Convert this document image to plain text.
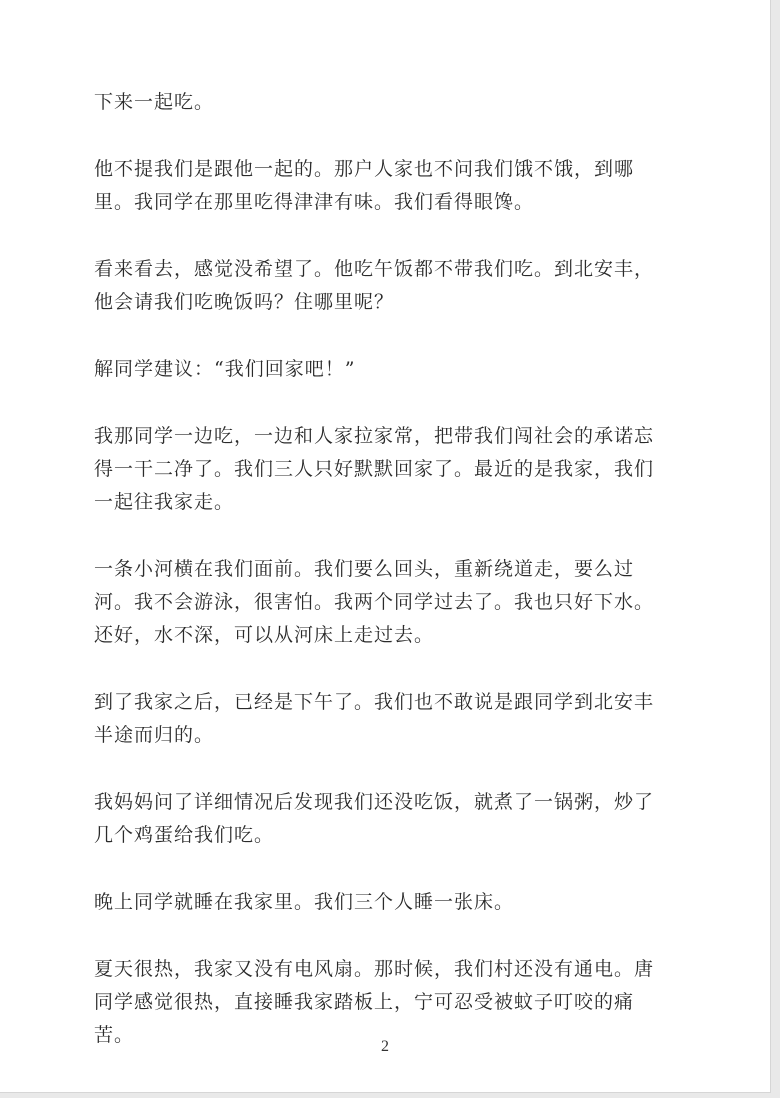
下来一起吃。

他不提我们是跟他一起的。那户人家也不问我们饿不饿，到哪
里。我同学在那里吃得津津有味。我们看得眼馋。

看来看去，感觉没希望了。他吃午饭都不带我们吃。到北安丰，
他会请我们吃晚饭吗？住哪里呢？

解同学建议：“我们回家吧！”

我那同学一边吃，一边和人家拉家常，把带我们闯社会的承诺忘
得一干二净了。我们三人只好默默回家了。最近的是我家，我们
一起往我家走。

一条小河横在我们面前。我们要么回头，重新绕道走，要么过
河。我不会游泳，很害怕。我两个同学过去了。我也只好下水。
还好，水不深，可以从河床上走过去。

到了我家之后，已经是下午了。我们也不敢说是跟同学到北安丰
半途而归的。

我妈妈问了详细情况后发现我们还没吃饭，就煮了一锅粥，炒了
几个鸡蛋给我们吃。

晚上同学就睡在我家里。我们三个人睡一张床。

夏天很热，我家又没有电风扇。那时候，我们村还没有通电。唐
同学感觉很热，直接睡我家踏板上，宁可忍受被蚊子叮咬的痛
苦。

2
